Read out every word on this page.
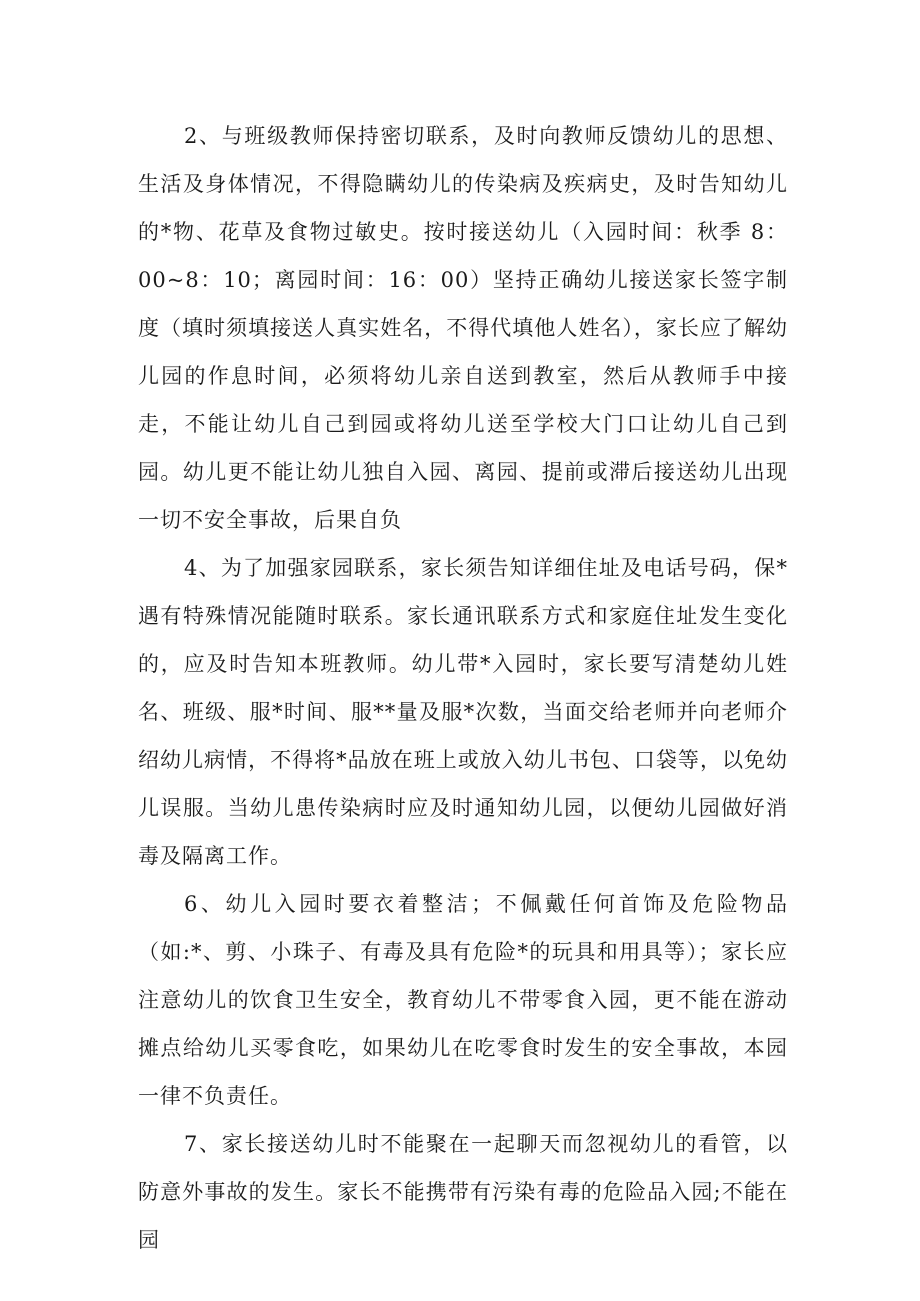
2、与班级教师保持密切联系，及时向教师反馈幼儿的思想、生活及身体情况，不得隐瞒幼儿的传染病及疾病史，及时告知幼儿的*物、花草及食物过敏史。按时接送幼儿（入园时间：秋季 8：00~8：10；离园时间：16：00）坚持正确幼儿接送家长签字制度（填时须填接送人真实姓名，不得代填他人姓名），家长应了解幼儿园的作息时间，必须将幼儿亲自送到教室，然后从教师手中接走，不能让幼儿自己到园或将幼儿送至学校大门口让幼儿自己到园。幼儿更不能让幼儿独自入园、离园、提前或滞后接送幼儿出现一切不安全事故，后果自负

4、为了加强家园联系，家长须告知详细住址及电话号码，保*遇有特殊情况能随时联系。家长通讯联系方式和家庭住址发生变化的，应及时告知本班教师。幼儿带*入园时，家长要写清楚幼儿姓名、班级、服*时间、服**量及服*次数，当面交给老师并向老师介绍幼儿病情，不得将*品放在班上或放入幼儿书包、口袋等，以免幼儿误服。当幼儿患传染病时应及时通知幼儿园，以便幼儿园做好消毒及隔离工作。

6、幼儿入园时要衣着整洁；不佩戴任何首饰及危险物品（如:*、剪、小珠子、有毒及具有危险*的玩具和用具等）；家长应注意幼儿的饮食卫生安全，教育幼儿不带零食入园，更不能在游动摊点给幼儿买零食吃，如果幼儿在吃零食时发生的安全事故，本园一律不负责任。

7、家长接送幼儿时不能聚在一起聊天而忽视幼儿的看管，以防意外事故的发生。家长不能携带有污染有毒的危险品入园;不能在园
